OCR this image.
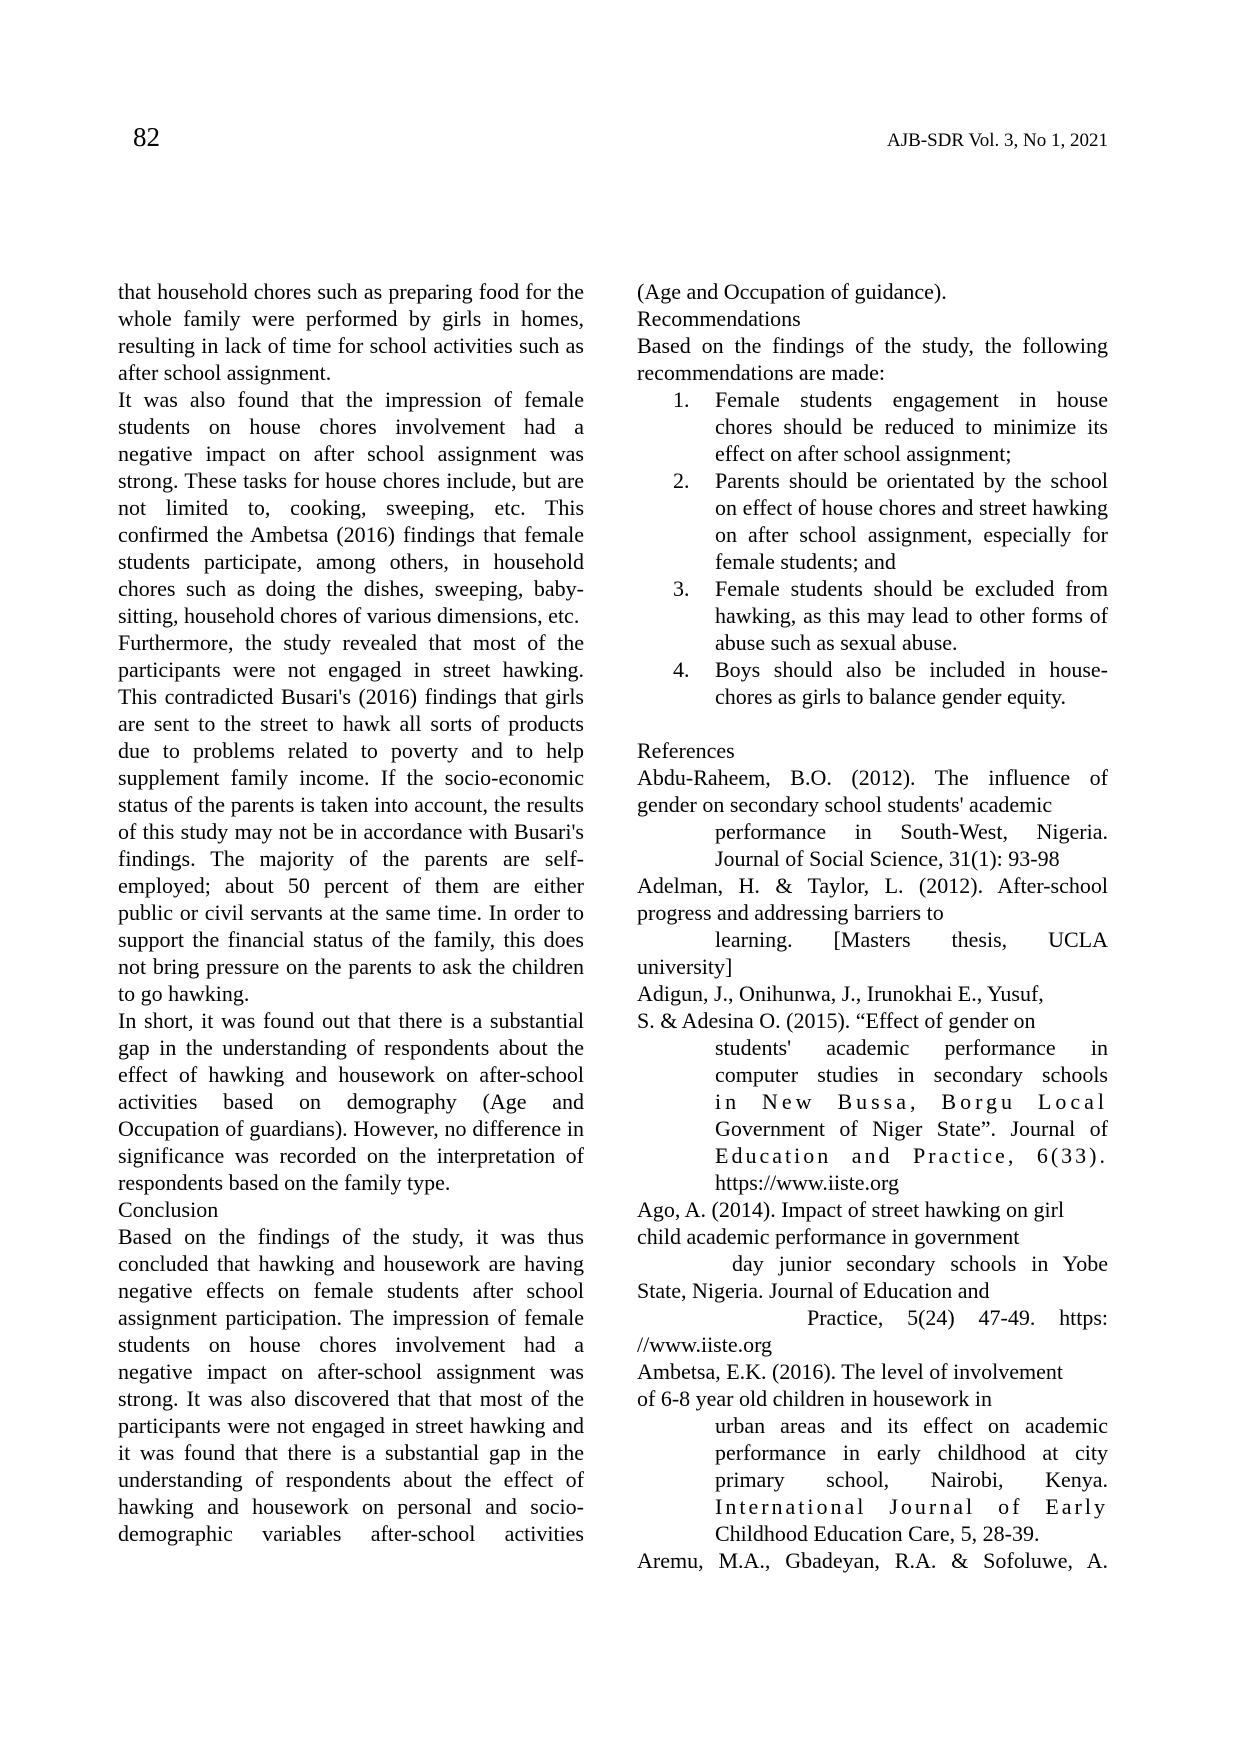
82	AJB-SDR Vol. 3, No 1, 2021
that household chores such as preparing food for the whole family were performed by girls in homes, resulting in lack of time for school activities such as after school assignment.
It was also found that the impression of female students on house chores involvement had a negative impact on after school assignment was strong. These tasks for house chores include, but are not limited to, cooking, sweeping, etc. This confirmed the Ambetsa (2016) findings that female students participate, among others, in household chores such as doing the dishes, sweeping, baby-sitting, household chores of various dimensions, etc.
Furthermore, the study revealed that most of the participants were not engaged in street hawking. This contradicted Busari's (2016) findings that girls are sent to the street to hawk all sorts of products due to problems related to poverty and to help supplement family income. If the socio-economic status of the parents is taken into account, the results of this study may not be in accordance with Busari's findings. The majority of the parents are self-employed; about 50 percent of them are either public or civil servants at the same time. In order to support the financial status of the family, this does not bring pressure on the parents to ask the children to go hawking.
In short, it was found out that there is a substantial gap in the understanding of respondents about the effect of hawking and housework on after-school activities based on demography (Age and Occupation of guardians). However, no difference in significance was recorded on the interpretation of respondents based on the family type.
Conclusion
Based on the findings of the study, it was thus concluded that hawking and housework are having negative effects on female students after school assignment participation. The impression of female students on house chores involvement had a negative impact on after-school assignment was strong. It was also discovered that that most of the participants were not engaged in street hawking and it was found that there is a substantial gap in the understanding of respondents about the effect of hawking and housework on personal and socio-demographic variables after-school activities
(Age and Occupation of guidance).
Recommendations
Based on the findings of the study, the following recommendations are made:
1. Female students engagement in house chores should be reduced to minimize its effect on after school assignment;
2. Parents should be orientated by the school on effect of house chores and street hawking on after school assignment, especially for female students; and
3. Female students should be excluded from hawking, as this may lead to other forms of abuse such as sexual abuse.
4. Boys should also be included in house-chores as girls to balance gender equity.
References
Abdu-Raheem, B.O. (2012). The influence of
gender on secondary school students' academic
performance in South-West, Nigeria.
Journal of Social Science, 31(1): 93-98
Adelman, H. & Taylor, L. (2012). After-school
progress and addressing barriers to
learning. [Masters thesis, UCLA
university]
Adigun, J., Onihunwa, J., Irunokhai E., Yusuf,
S. & Adesina O. (2015). “Effect of gender on
students' academic performance in
computer studies in secondary schools
in New Bussa, Borgu Local
Government of Niger State”. Journal of
Education and Practice, 6(33).
https://www.iiste.org
Ago, A. (2014). Impact of street hawking on girl
child academic performance in government
day junior secondary schools in Yobe
State, Nigeria. Journal of Education and
Practice, 5(24) 47-49. https:
//www.iiste.org
Ambetsa, E.K. (2016). The level of involvement
of 6-8 year old children in housework in
urban areas and its effect on academic
performance in early childhood at city
primary school, Nairobi, Kenya.
International Journal of Early
Childhood Education Care, 5, 28-39.
Aremu, M.A., Gbadeyan, R.A. & Sofoluwe, A.
